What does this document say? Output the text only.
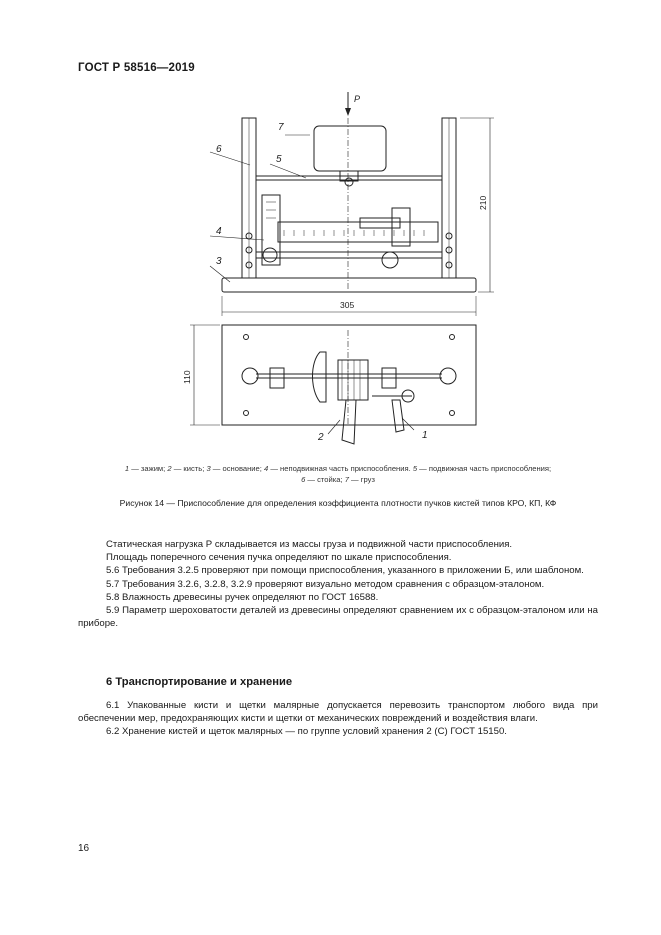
ГОСТ Р 58516—2019
P
7
6
5
4
3
210
305
2	1
110
1 — зажим; 2 — кисть; 3 — основание; 4 — неподвижная часть приспособления. 5 — подвижная часть приспособления;
6 — стойка; 7 — груз
Рисунок 14 — Приспособление для определения коэффициента плотности пучков кистей типов КРО, КП, КФ

Статическая нагрузка Р складывается из массы груза и подвижной части приспособления.

Площадь поперечного сечения пучка определяют по шкале приспособления.

5.6 Требования 3.2.5 проверяют при помощи приспособления, указанного в приложении Б, или шаблоном.

5.7 Требования 3.2.6, 3.2.8, 3.2.9 проверяют визуально методом сравнения с образцом-эталоном.

5.8 Влажность древесины ручек определяют по ГОСТ 16588.

5.9 Параметр шероховатости деталей из древесины определяют сравнением их с образцом-эталоном или на приборе.

6 Транспортирование и хранение

6.1 Упакованные кисти и щетки малярные допускается перевозить транспортом любого вида при обеспечении мер, предохраняющих кисти и щетки от механических повреждений и воздействия влаги.

6.2 Хранение кистей и щеток малярных — по группе условий хранения 2 (С) ГОСТ 15150.

16
